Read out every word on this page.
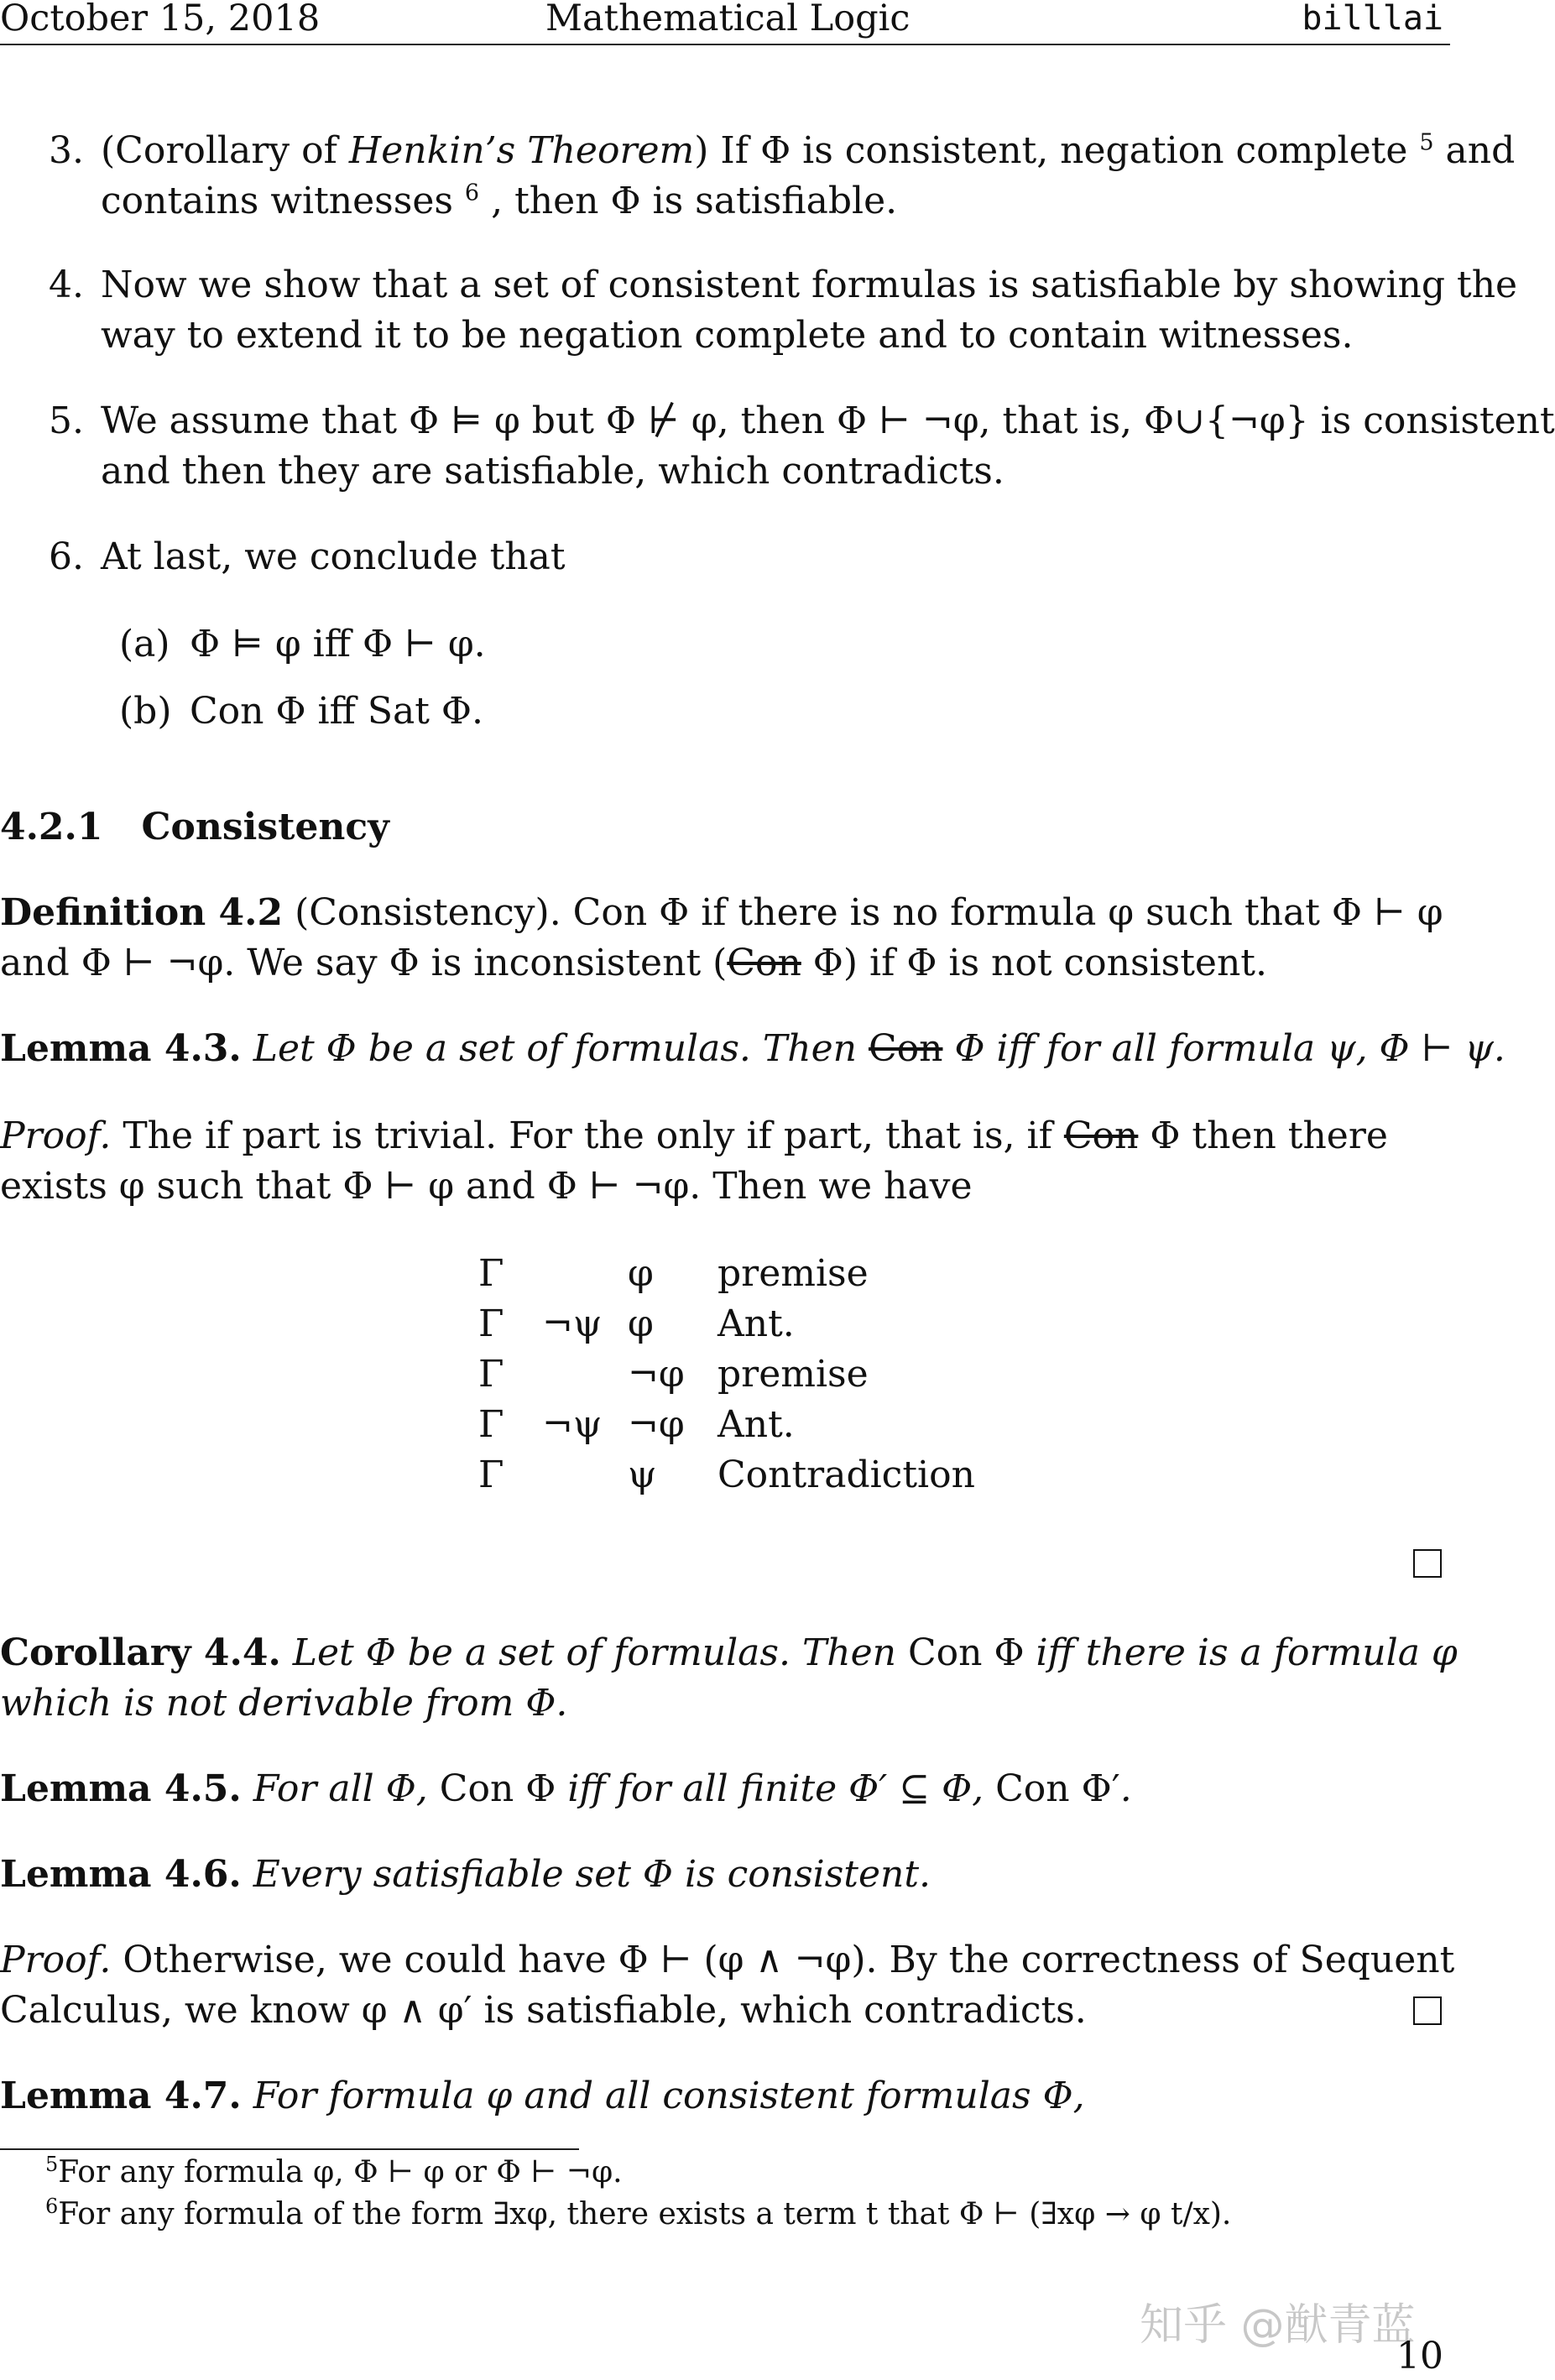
October 15, 2018	Mathematical Logic	billlai
3. (Corollary of Henkin’s Theorem) If Φ is consistent, negation complete $^5$ and
contains witnesses $^6$ , then Φ is satisfiable.
4. Now we show that a set of consistent formulas is satisfiable by showing the
way to extend it to be negation complete and to contain witnesses.
5. We assume that Φ ⊨ φ but Φ ⊬ φ, then Φ ⊢ ¬φ, that is, Φ∪{¬φ} is consistent
and then they are satisfiable, which contradicts.
6. At last, we conclude that
(a) Φ ⊨ φ iff Φ ⊢ φ.
(b) Con Φ iff Sat Φ.
4.2.1 Consistency
Definition 4.2 (Consistency). Con Φ if there is no formula φ such that Φ ⊢ φ
and Φ ⊢ ¬φ. We say Φ is inconsistent (Con Φ) if Φ is not consistent.
Lemma 4.3. Let Φ be a set of formulas. Then Con Φ iff for all formula ψ, Φ ⊢ ψ.
Proof. The if part is trivial. For the only if part, that is, if Con Φ then there
exists φ such that Φ ⊢ φ and Φ ⊢ ¬φ. Then we have
Γ	φ premise
Γ ¬ψ φ Ant.
Γ	¬φ premise
Γ ¬ψ ¬φ Ant.
Γ	ψ Contradiction
Corollary 4.4. Let Φ be a set of formulas. Then Con Φ iff there is a formula φ
which is not derivable from Φ.
Lemma 4.5. For all Φ, Con Φ iff for all finite Φ′ ⊆ Φ, Con Φ′.
Lemma 4.6. Every satisfiable set Φ is consistent.
Proof. Otherwise, we could have Φ ⊢ (φ ∧ ¬φ). By the correctness of Sequent
Calculus, we know φ ∧ φ′ is satisfiable, which contradicts.
Lemma 4.7. For formula φ and all consistent formulas Φ,
$^5$For any formula φ, Φ ⊢ φ or Φ ⊢ ¬φ.
$^6$For any formula of the form ∃xφ, there exists a term t that Φ ⊢ (∃xφ → φ t/x).
知乎 @猷青蓝
10
